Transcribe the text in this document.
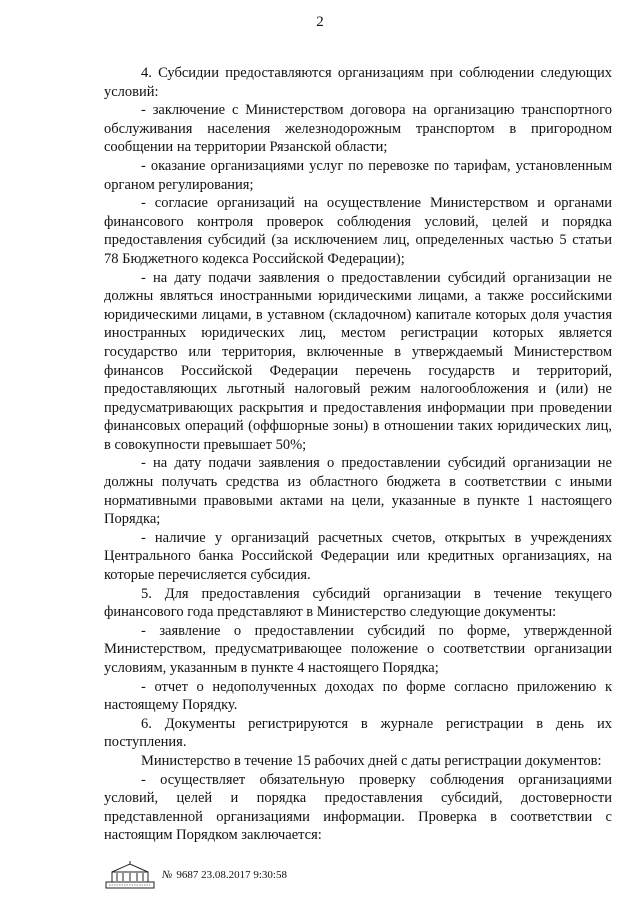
2

4. Субсидии предоставляются организациям при соблюдении следующих условий:

- заключение с Министерством договора на организацию транспортного обслуживания населения железнодорожным транспортом в пригородном сообщении на территории Рязанской области;

- оказание организациями услуг по перевозке по тарифам, установленным органом регулирования;

- согласие организаций на осуществление Министерством и органами финансового контроля проверок соблюдения условий, целей и порядка предоставления субсидий (за исключением лиц, определенных частью 5 статьи 78 Бюджетного кодекса Российской Федерации);

- на дату подачи заявления о предоставлении субсидий организации не должны являться иностранными юридическими лицами, а также российскими юридическими лицами, в уставном (складочном) капитале которых доля участия иностранных юридических лиц, местом регистрации которых является государство или территория, включенные в утверждаемый Министерством финансов Российской Федерации перечень государств и территорий, предоставляющих льготный налоговый режим налогообложения и (или) не предусматривающих раскрытия и предоставления информации при проведении финансовых операций (оффшорные зоны) в отношении таких юридических лиц, в совокупности превышает 50%;

- на дату подачи заявления о предоставлении субсидий организации не должны получать средства из областного бюджета в соответствии с иными нормативными правовыми актами на цели, указанные в пункте 1 настоящего Порядка;

- наличие у организаций расчетных счетов, открытых в учреждениях Центрального банка Российской Федерации или кредитных организациях, на которые перечисляется субсидия.

5. Для предоставления субсидий организации в течение текущего финансового года представляют в Министерство следующие документы:

- заявление о предоставлении субсидий по форме, утвержденной Министерством, предусматривающее положение о соответствии организации условиям, указанным в пункте 4 настоящего Порядка;

- отчет о недополученных доходах по форме согласно приложению к настоящему Порядку.

6. Документы регистрируются в журнале регистрации в день их поступления.

Министерство в течение 15 рабочих дней с даты регистрации документов:

- осуществляет обязательную проверку соблюдения организациями условий, целей и порядка предоставления субсидий, достоверности представленной организациями информации. Проверка в соответствии с настоящим Порядком заключается:

№ 9687 23.08.2017 9:30:58
